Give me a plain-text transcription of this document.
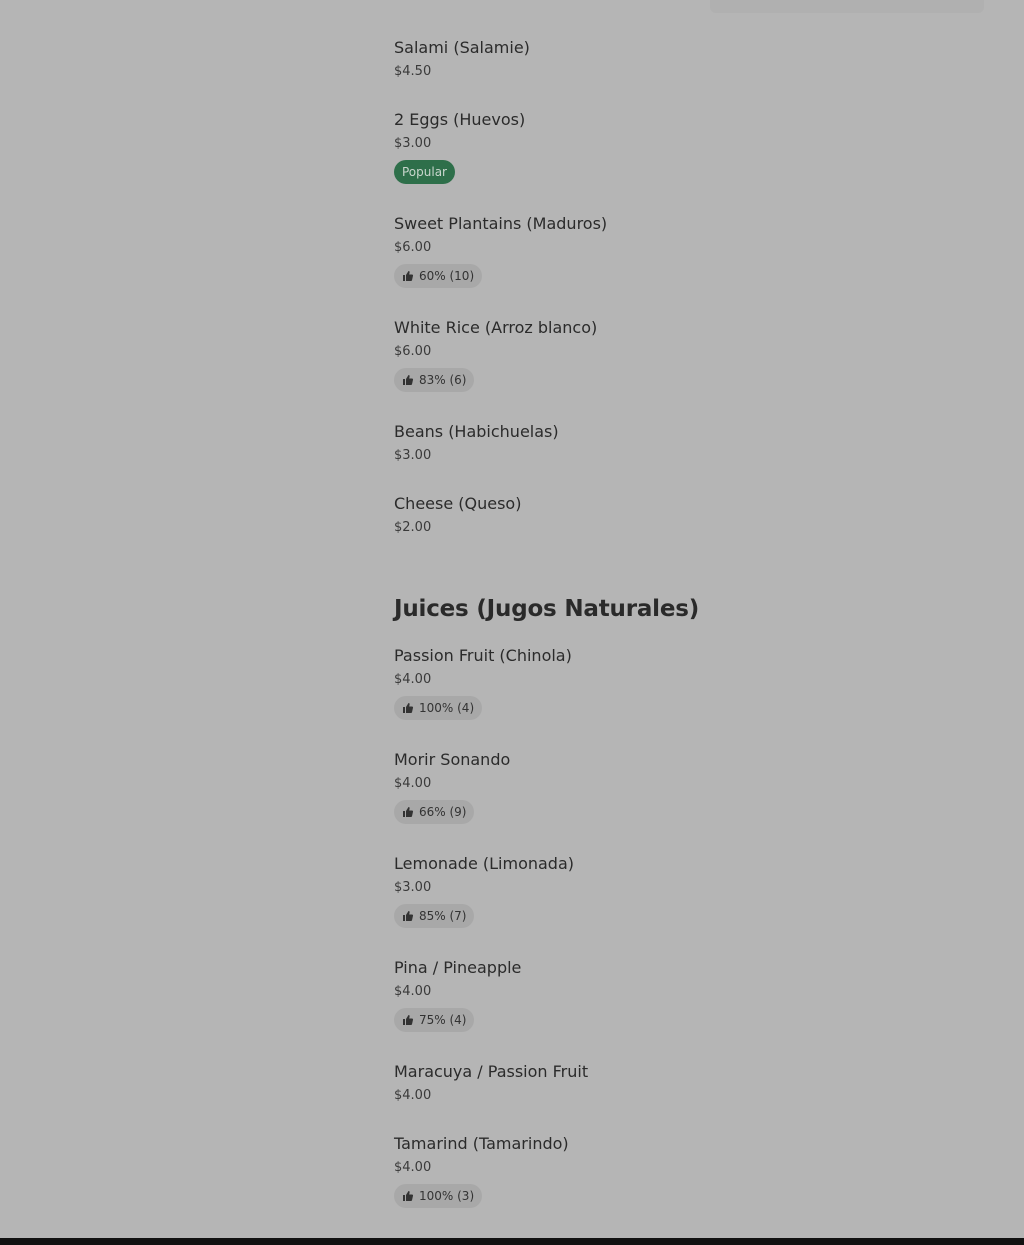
Salami (Salamie)
$4.50
2 Eggs (Huevos)
$3.00
Popular
Sweet Plantains (Maduros)
$6.00
60% (10)
White Rice (Arroz blanco)
$6.00
83% (6)
Beans (Habichuelas)
$3.00
Cheese (Queso)
$2.00
Juices (Jugos Naturales)
Passion Fruit (Chinola)
$4.00
100% (4)
Morir Sonando
$4.00
66% (9)
Lemonade (Limonada)
$3.00
85% (7)
Pina / Pineapple
$4.00
75% (4)
Maracuya / Passion Fruit
$4.00
Tamarind (Tamarindo)
$4.00
100% (3)
